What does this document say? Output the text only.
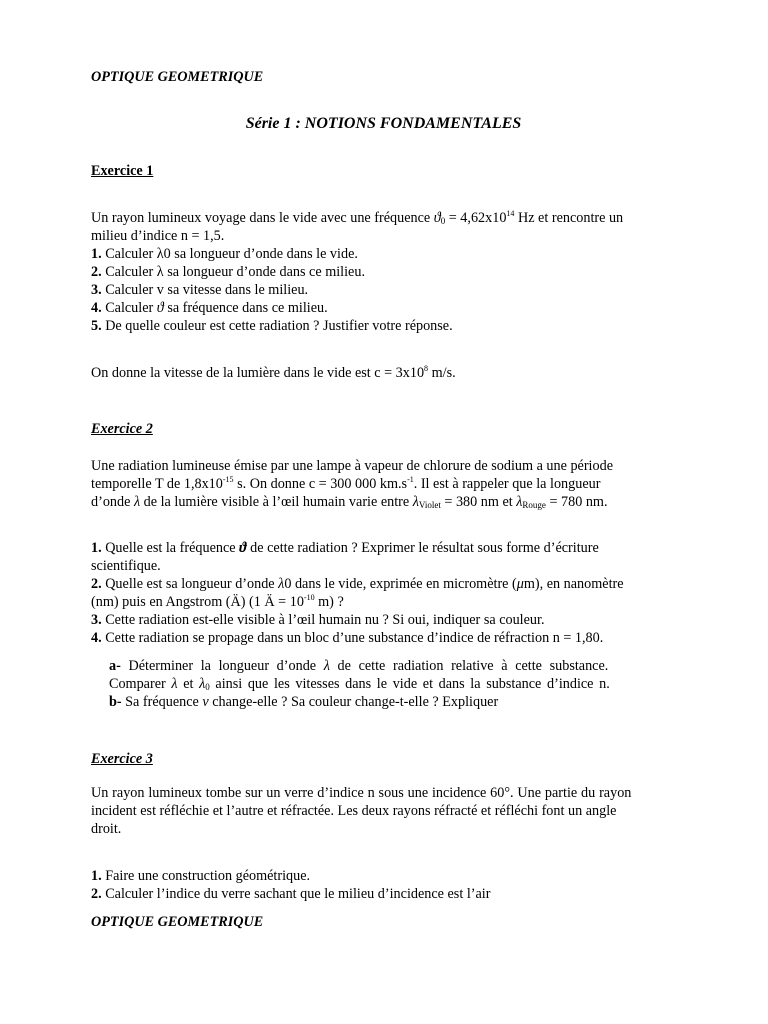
OPTIQUE GEOMETRIQUE
Série 1 : NOTIONS FONDAMENTALES
Exercice 1
Un rayon lumineux voyage dans le vide avec une fréquence $ϑ_0 = 4,62x10^{14}$ Hz et rencontre un
milieu d’indice n = 1,5.
1. Calculer λ0 sa longueur d’onde dans le vide.
2. Calculer λ sa longueur d’onde dans ce milieu.
3. Calculer v sa vitesse dans le milieu.
4. Calculer ϑ sa fréquence dans ce milieu.
5. De quelle couleur est cette radiation ? Justifier votre réponse.
On donne la vitesse de la lumière dans le vide est $c = 3x10^8$ m/s.
Exercice 2
Une radiation lumineuse émise par une lampe à vapeur de chlorure de sodium a une période
temporelle T de $1,8x10^{-15}$ s. On donne c = 300 000 $km.s^{-1}$. Il est à rappeler que la longueur
d’onde λ de la lumière visible à l’œil humain varie entre $\lambda_{Violet} = 380$ nm et $\lambda_{Rouge} = 780$ nm.
1. Quelle est la fréquence ϑ de cette radiation ? Exprimer le résultat sous forme d’écriture
scientifique.
2. Quelle est sa longueur d’onde λ0 dans le vide, exprimée en micromètre (μm), en nanomètre
(nm) puis en Angstrom (Ä) (1 Ä = $10^{-10}$ m) ?
3. Cette radiation est-elle visible à l’œil humain nu ? Si oui, indiquer sa couleur.
4. Cette radiation se propage dans un bloc d’une substance d’indice de réfraction n = 1,80.
a- Déterminer la longueur d’onde λ de cette radiation relative à cette substance.
Comparer λ et $\lambda_0$ ainsi que les vitesses dans le vide et dans la substance d’indice n.
b- Sa fréquence ν change-elle ? Sa couleur change-t-elle ? Expliquer
Exercice 3
Un rayon lumineux tombe sur un verre d’indice n sous une incidence 60°. Une partie du rayon
incident est réfléchie et l’autre et réfractée. Les deux rayons réfracté et réfléchi font un angle
droit.
1. Faire une construction géométrique.
2. Calculer l’indice du verre sachant que le milieu d’incidence est l’air
OPTIQUE GEOMETRIQUE
